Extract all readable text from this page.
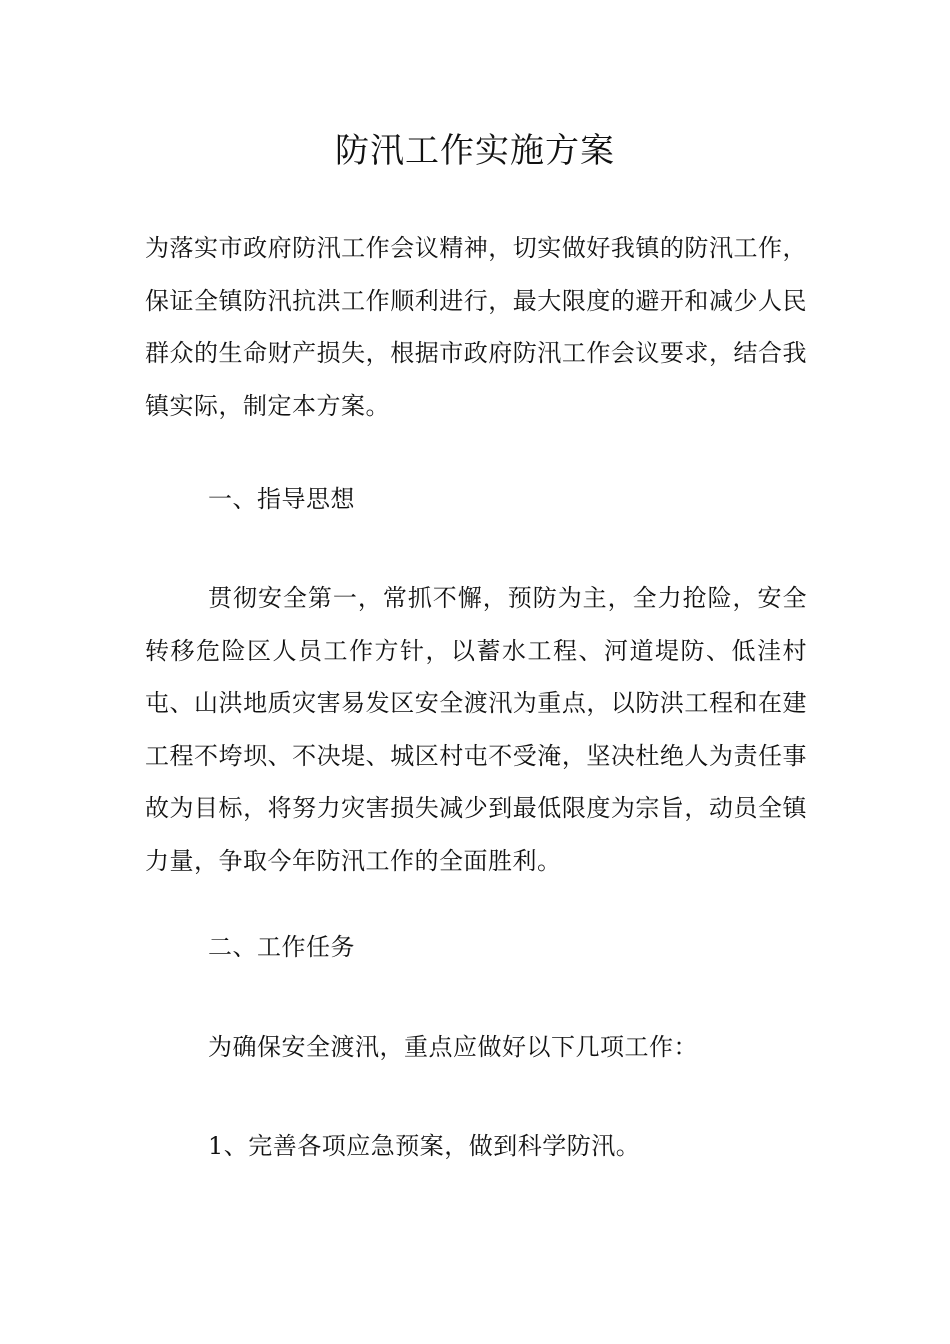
防汛工作实施方案

为落实市政府防汛工作会议精神，切实做好我镇的防汛工作，保证全镇防汛抗洪工作顺利进行，最大限度的避开和减少人民群众的生命财产损失，根据市政府防汛工作会议要求，结合我镇实际，制定本方案。

一、指导思想

贯彻安全第一，常抓不懈，预防为主，全力抢险，安全转移危险区人员工作方针，以蓄水工程、河道堤防、低洼村屯、山洪地质灾害易发区安全渡汛为重点，以防洪工程和在建工程不垮坝、不决堤、城区村屯不受淹，坚决杜绝人为责任事故为目标，将努力灾害损失减少到最低限度为宗旨，动员全镇力量，争取今年防汛工作的全面胜利。

二、工作任务

为确保安全渡汛，重点应做好以下几项工作：

1、完善各项应急预案，做到科学防汛。
